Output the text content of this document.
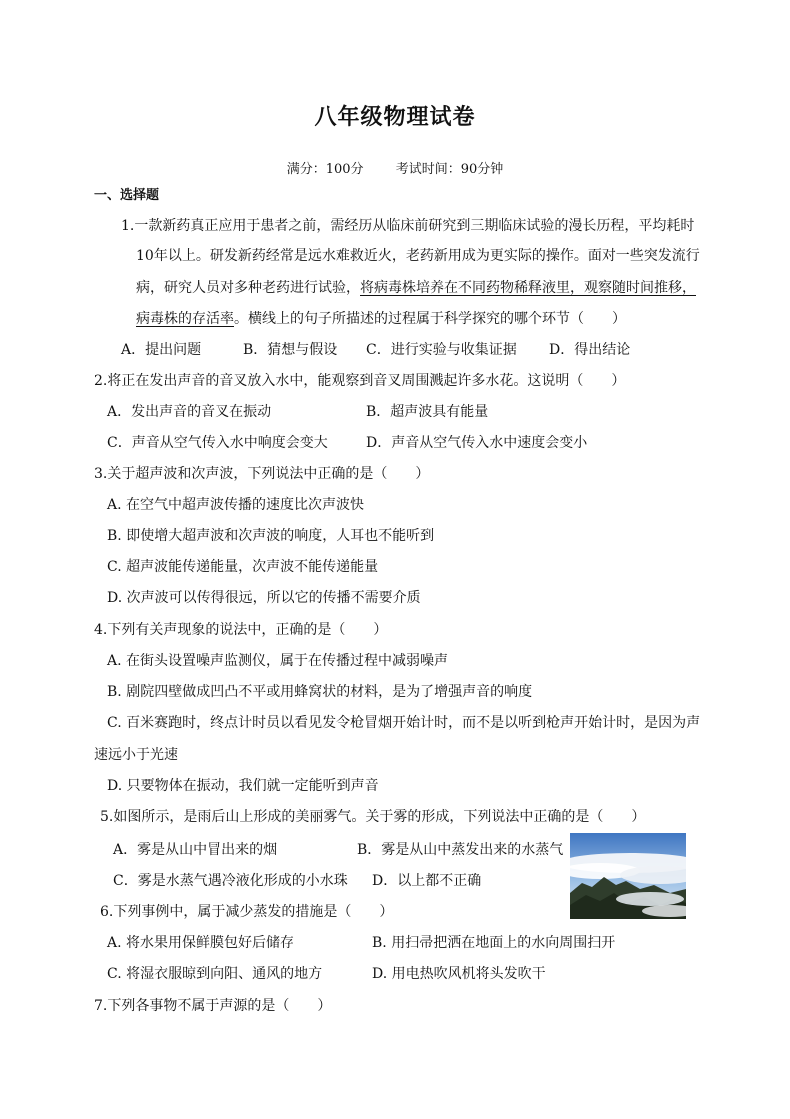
八年级物理试卷
满分：100分 考试时间：90分钟
一、选择题
1.一款新药真正应用于患者之前，需经历从临床前研究到三期临床试验的漫长历程，平均耗时
10年以上。研发新药经常是远水难救近火，老药新用成为更实际的操作。面对一些突发流行
病，研究人员对多种老药进行试验，将病毒株培养在不同药物稀释液里，观察随时间推移，
病毒株的存活率。横线上的句子所描述的过程属于科学探究的哪个环节（　　）
A．提出问题	B．猜想与假设 C．进行实验与收集证据 D．得出结论
2.将正在发出声音的音叉放入水中，能观察到音叉周围溅起许多水花。这说明（　　）
A．发出声音的音叉在振动	B．超声波具有能量
C．声音从空气传入水中响度会变大	D．声音从空气传入水中速度会变小
3.关于超声波和次声波，下列说法中正确的是（　　）
A. 在空气中超声波传播的速度比次声波快
B. 即使增大超声波和次声波的响度，人耳也不能听到
C. 超声波能传递能量，次声波不能传递能量
D. 次声波可以传得很远，所以它的传播不需要介质
4.下列有关声现象的说法中，正确的是（　　）
A. 在街头设置噪声监测仪，属于在传播过程中减弱噪声
B. 剧院四壁做成凹凸不平或用蜂窝状的材料，是为了增强声音的响度
C. 百米赛跑时，终点计时员以看见发令枪冒烟开始计时，而不是以听到枪声开始计时，是因为声
速远小于光速
D. 只要物体在振动，我们就一定能听到声音
5.如图所示，是雨后山上形成的美丽雾气。关于雾的形成，下列说法中正确的是（　　）
A．雾是从山中冒出来的烟	B．雾是从山中蒸发出来的水蒸气
C．雾是水蒸气遇冷液化形成的小水珠 D．以上都不正确
6.下列事例中，属于减少蒸发的措施是（　　）
A. 将水果用保鲜膜包好后储存	B. 用扫帚把洒在地面上的水向周围扫开
C. 将湿衣服晾到向阳、通风的地方	D. 用电热吹风机将头发吹干
7.下列各事物不属于声源的是（　　）
